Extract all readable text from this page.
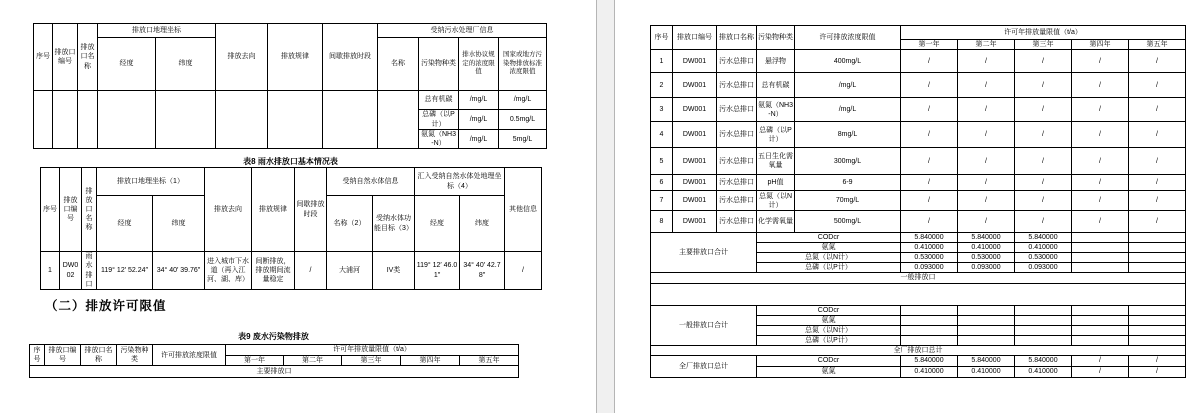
序号	排放口编号	排放口名称	排放口地理坐标		排放去向	排放规律	间歇排放时段	受纳污水处理厂信息			
			经度	纬度				名称	污染物种类	排水协议规定的浓度限值	国家或地方污染物排放标准浓度限值
									总有机碳	/mg/L	/mg/L
									总磷（以P计）	/mg/L	0.5mg/L
									氨氮（NH3-N）	/mg/L	5mg/L
表8 雨水排放口基本情况表
序号	排放口编号	排放口名称	排放口地理坐标（1）		排放去向	排放规律	间歇排放时段	受纳自然水体信息		汇入受纳自然水体处地理坐标（4）		其他信息
			经度	纬度				名称（2）	受纳水体功能目标（3）	经度	纬度	
1	DW002	雨水排口	119° 12′ 52.24″	34° 40′ 39.76″	进入城市下水道（再入江河、湖、库）	间断排放，排放期间流量稳定	/	大浦河	IV类	119° 12′ 46.01″	34° 40′ 42.78″	/
（二）排放许可限值
表9 废水污染物排放
序号	排放口编号	排放口名称	污染物种类	许可排放浓度限值	许可年排放量限值（t/a）				
					第一年	第二年	第三年	第四年	第五年
主要排放口									
序号	排放口编号	排放口名称	污染物种类	许可排放浓度限值	许可年排放量限值（t/a）				
					第一年	第二年	第三年	第四年	第五年
1	DW001	污水总排口	悬浮物	400mg/L	/	/	/	/	/
2	DW001	污水总排口	总有机碳	/mg/L	/	/	/	/	/
3	DW001	污水总排口	氨氮（NH3-N）	/mg/L	/	/	/	/	/
4	DW001	污水总排口	总磷（以P计）	8mg/L	/	/	/	/	/
5	DW001	污水总排口	五日生化需氧量	300mg/L	/	/	/	/	/
6	DW001	污水总排口	pH值	6-9	/	/	/	/	/
7	DW001	污水总排口	总氮（以N计）	70mg/L	/	/	/	/	/
8	DW001	污水总排口	化学需氧量	500mg/L	/	/	/	/	/
主要排放口合计			CODcr		5.840000	5.840000	5.840000		
			氨氮		0.410000	0.410000	0.410000		
			总氮（以N计）		0.530000	0.530000	0.530000		
			总磷（以P计）		0.093000	0.093000	0.093000		
一般排放口									

一般排放口合计			CODcr						
			氨氮						
			总氮（以N计）						
			总磷（以P计）						
全厂排放口总计									
全厂排放口总计			CODcr		5.840000	5.840000	5.840000	/	/
			氨氮		0.410000	0.410000	0.410000	/	/
